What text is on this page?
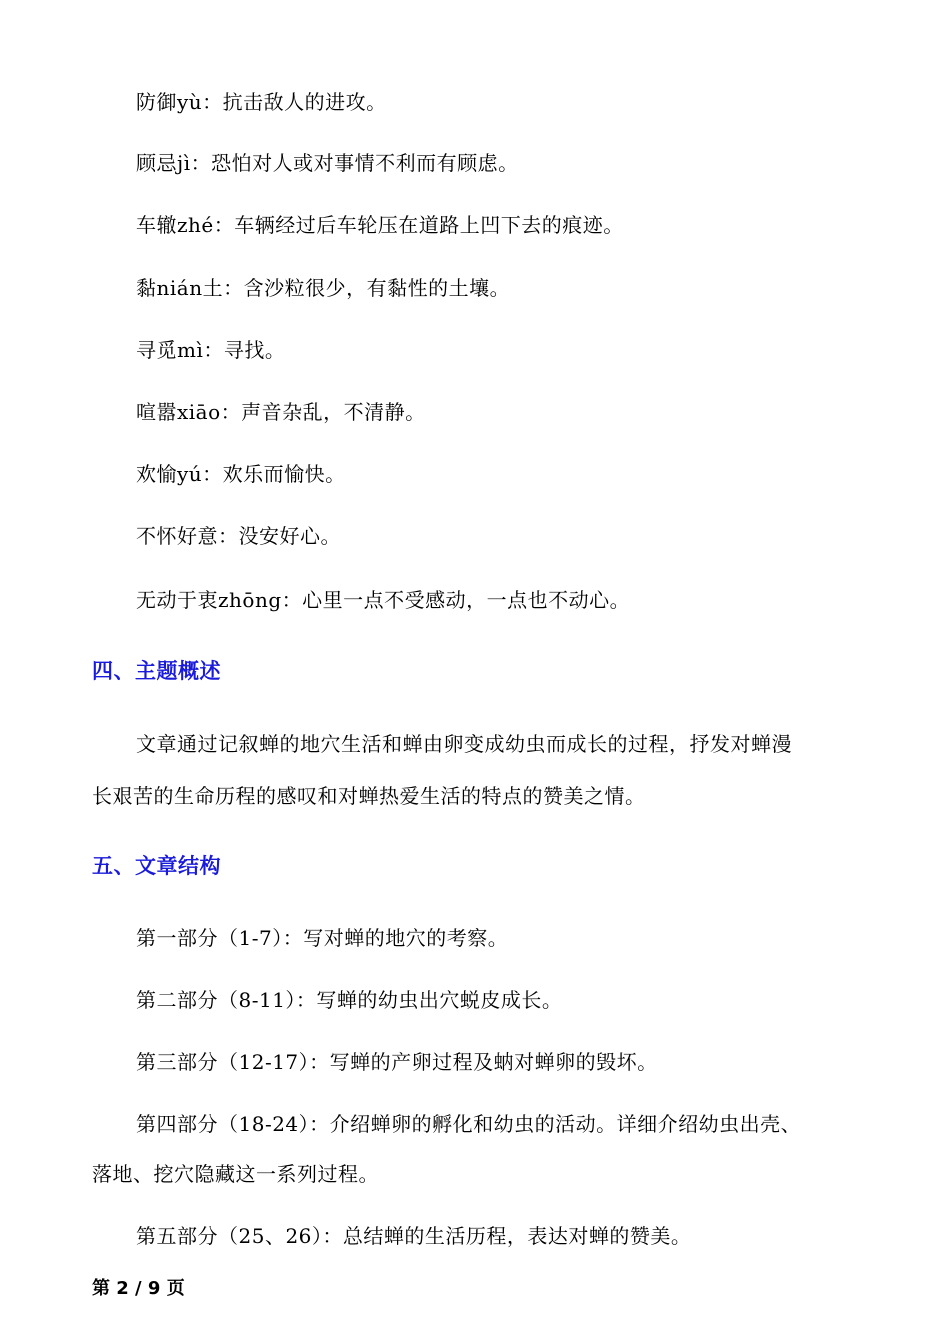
防御yù：抗击敌人的进攻。
顾忌jì：恐怕对人或对事情不利而有顾虑。
车辙zhé：车辆经过后车轮压在道路上凹下去的痕迹。
黏nián土：含沙粒很少，有黏性的土壤。
寻觅mì：寻找。
喧嚣xiāo：声音杂乱，不清静。
欢愉yú：欢乐而愉快。
不怀好意：没安好心。
无动于衷zhōng：心里一点不受感动，一点也不动心。
四、主题概述
文章通过记叙蝉的地穴生活和蝉由卵变成幼虫而成长的过程，抒发对蝉漫
长艰苦的生命历程的感叹和对蝉热爱生活的特点的赞美之情。
五、文章结构
第一部分（1-7）：写对蝉的地穴的考察。
第二部分（8-11）：写蝉的幼虫出穴蜕皮成长。
第三部分（12-17）：写蝉的产卵过程及蚋对蝉卵的毁坏。
第四部分（18-24）：介绍蝉卵的孵化和幼虫的活动。详细介绍幼虫出壳、
落地、挖穴隐藏这一系列过程。
第五部分（25、26）：总结蝉的生活历程，表达对蝉的赞美。
第 2 / 9 页
